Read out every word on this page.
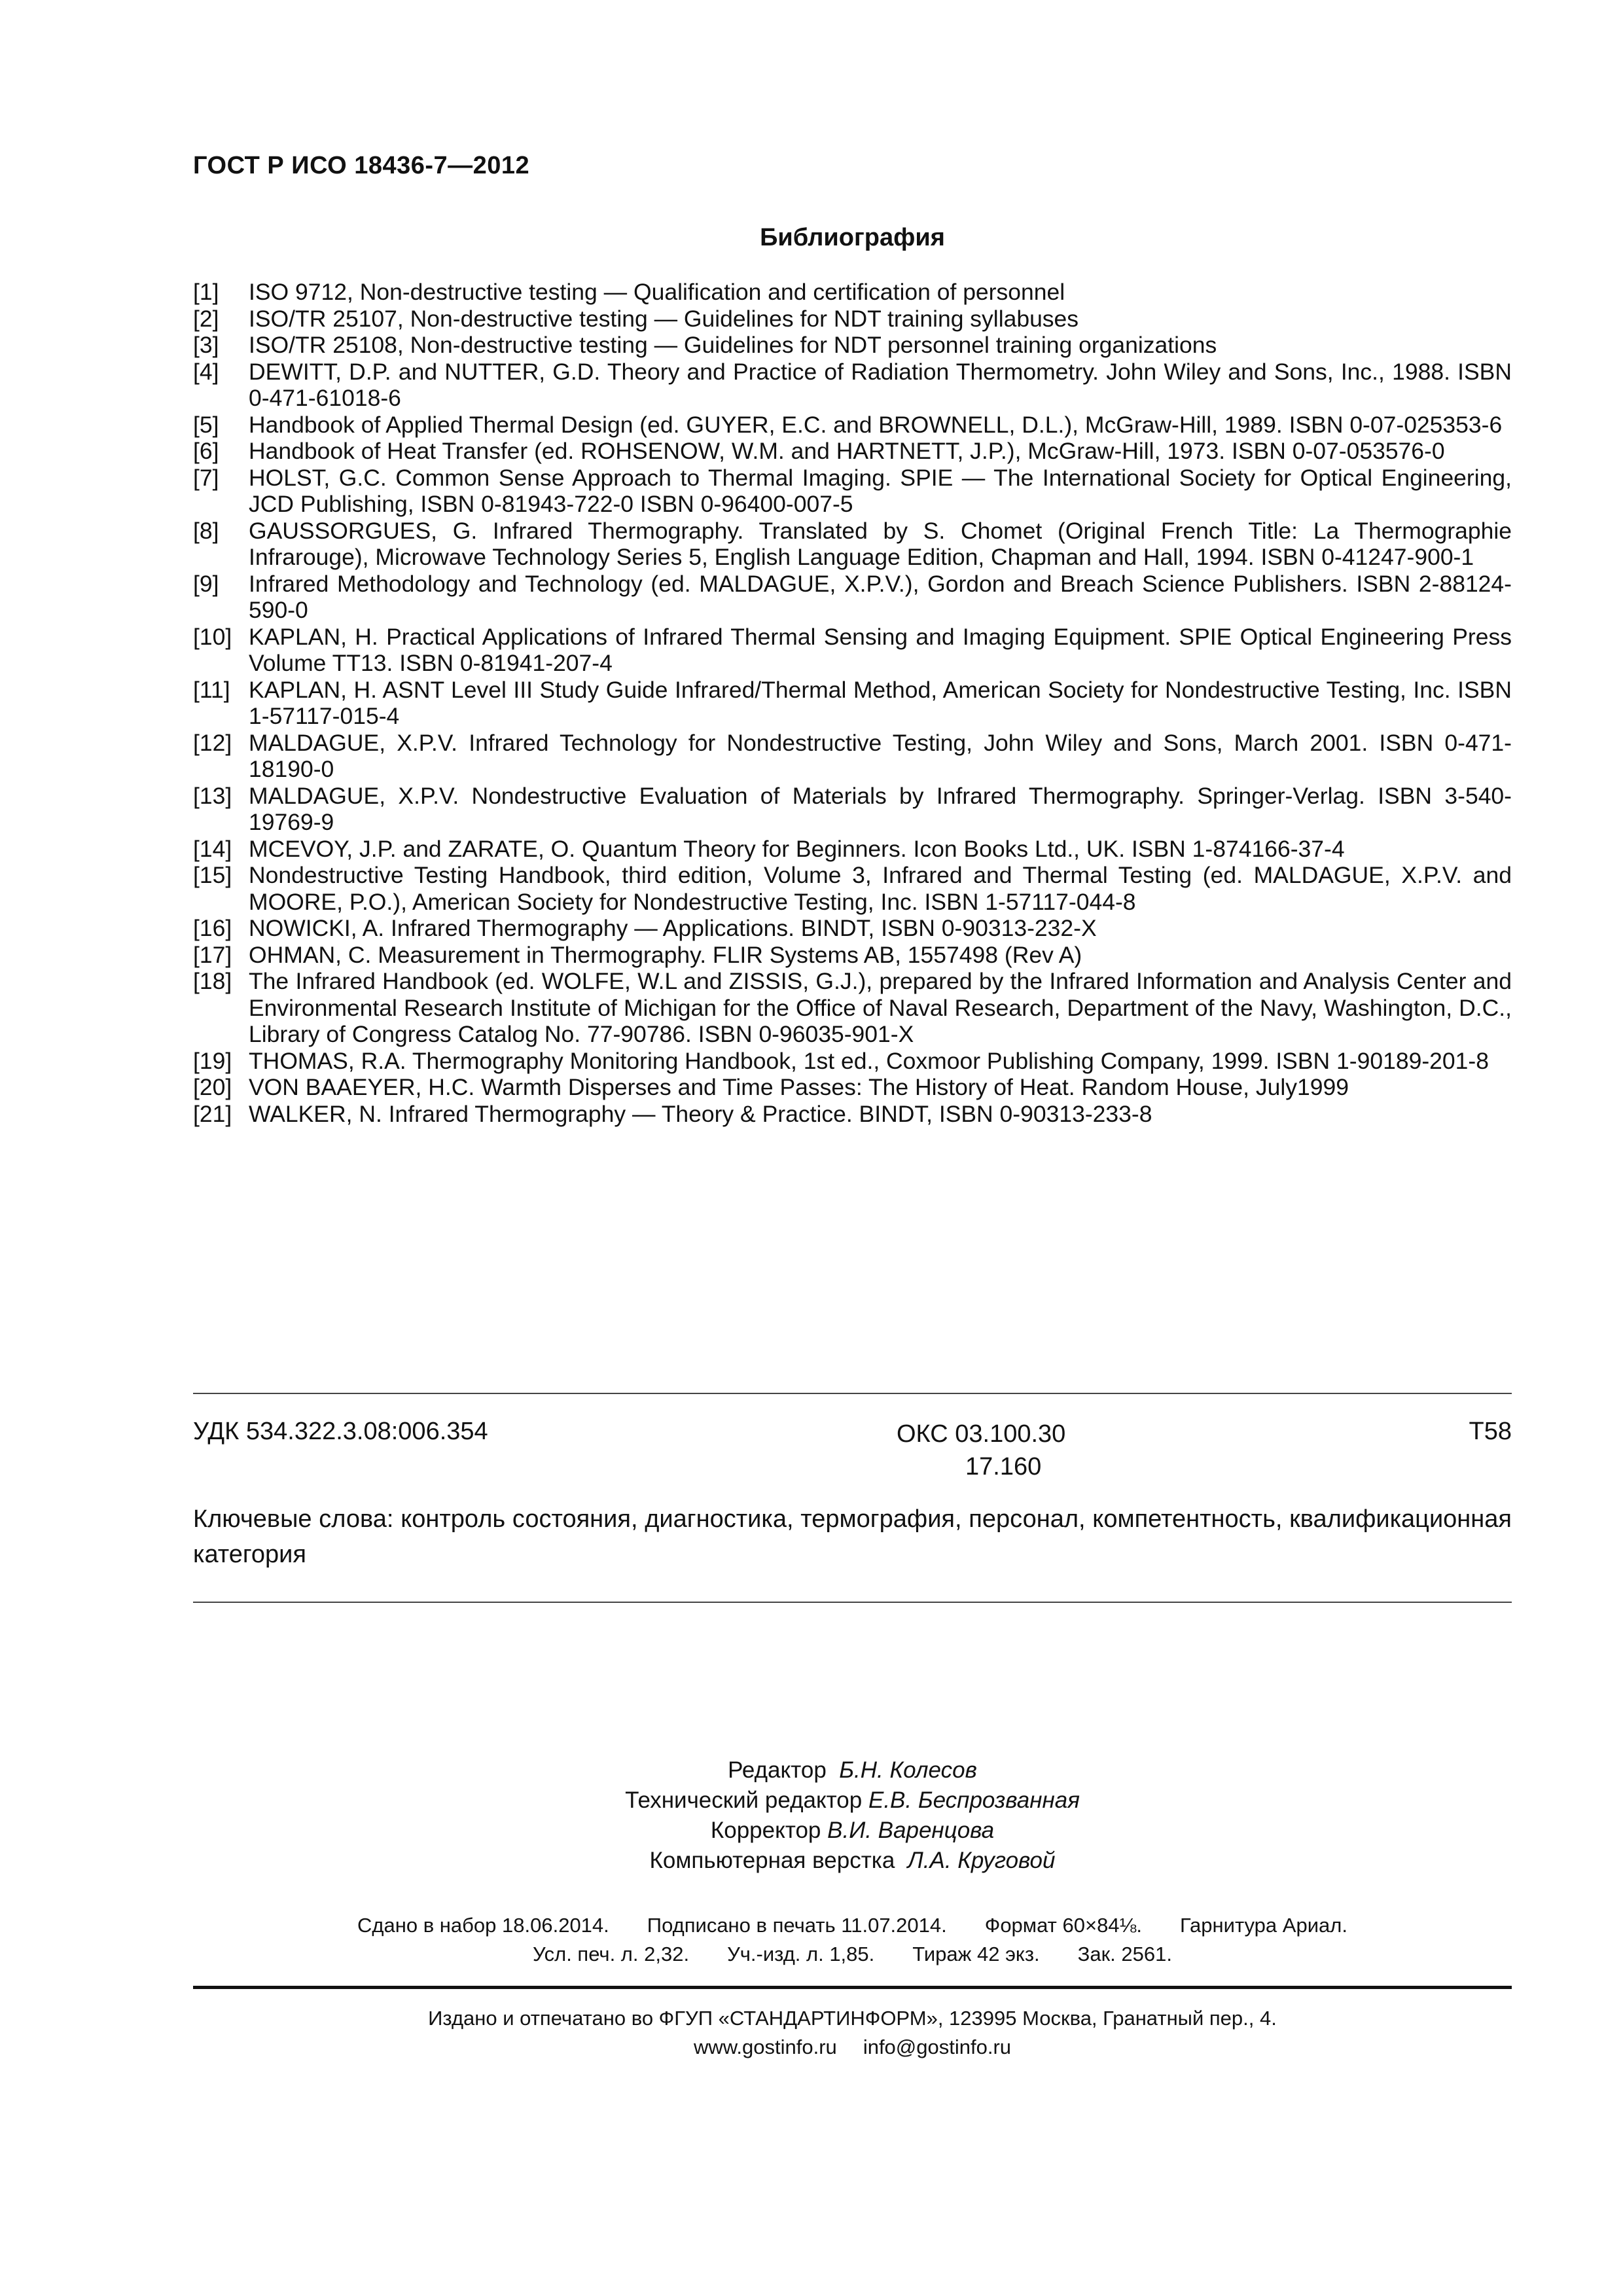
ГОСТ Р ИСО 18436-7—2012
Библиография
[1]	ISO 9712, Non-destructive testing — Qualification and certification of personnel
[2]	ISO/TR 25107, Non-destructive testing — Guidelines for NDT training syllabuses
[3]	ISO/TR 25108, Non-destructive testing — Guidelines for NDT personnel training organizations
[4]	DEWITT, D.P. and NUTTER, G.D. Theory and Practice of Radiation Thermometry. John Wiley and Sons, Inc., 1988. ISBN 0-471-61018-6
[5]	Handbook of Applied Thermal Design (ed. GUYER, E.C. and BROWNELL, D.L.), McGraw-Hill, 1989. ISBN 0-07-025353-6
[6]	Handbook of Heat Transfer (ed. ROHSENOW, W.M. and HARTNETT, J.P.), McGraw-Hill, 1973. ISBN 0-07-053576-0
[7]	HOLST, G.C. Common Sense Approach to Thermal Imaging. SPIE — The International Society for Optical Engineering, JCD Publishing, ISBN 0-81943-722-0 ISBN 0-96400-007-5
[8]	GAUSSORGUES, G. Infrared Thermography. Translated by S. Chomet (Original French Title: La Thermographie Infrarouge), Microwave Technology Series 5, English Language Edition, Chapman and Hall, 1994. ISBN 0-41247-900-1
[9]	Infrared Methodology and Technology (ed. MALDAGUE, X.P.V.), Gordon and Breach Science Publishers. ISBN 2-88124-590-0
[10] KAPLAN, H. Practical Applications of Infrared Thermal Sensing and Imaging Equipment. SPIE Optical Engineering Press Volume TT13. ISBN 0-81941-207-4
[11] KAPLAN, H. ASNT Level III Study Guide Infrared/Thermal Method, American Society for Nondestructive Testing, Inc. ISBN 1-57117-015-4
[12] MALDAGUE, X.P.V. Infrared Technology for Nondestructive Testing, John Wiley and Sons, March 2001. ISBN 0-471-18190-0
[13] MALDAGUE, X.P.V. Nondestructive Evaluation of Materials by Infrared Thermography. Springer-Verlag. ISBN 3-540-19769-9
[14] MCEVOY, J.P. and ZARATE, O. Quantum Theory for Beginners. Icon Books Ltd., UK. ISBN 1-874166-37-4
[15] Nondestructive Testing Handbook, third edition, Volume 3, Infrared and Thermal Testing (ed. MALDAGUE, X.P.V. and MOORE, P.O.), American Society for Nondestructive Testing, Inc. ISBN 1-57117-044-8
[16] NOWICKI, A. Infrared Thermography — Applications. BINDT, ISBN 0-90313-232-X
[17] OHMAN, C. Measurement in Thermography. FLIR Systems AB, 1557498 (Rev A)
[18] The Infrared Handbook (ed. WOLFE, W.L and ZISSIS, G.J.), prepared by the Infrared Information and Analysis Center and Environmental Research Institute of Michigan for the Office of Naval Research, Department of the Navy, Washington, D.C., Library of Congress Catalog No. 77-90786. ISBN 0-96035-901-X
[19] THOMAS, R.A. Thermography Monitoring Handbook, 1st ed., Coxmoor Publishing Company, 1999. ISBN 1-90189-201-8
[20] VON BAAEYER, H.C. Warmth Disperses and Time Passes: The History of Heat. Random House, July1999
[21] WALKER, N. Infrared Thermography — Theory & Practice. BINDT, ISBN 0-90313-233-8
УДК 534.322.3.08:006.354	ОКС 03.100.30
17.160
Т58
Ключевые слова: контроль состояния, диагностика, термография, персонал, компетентность, квалификационная категория
Редактор Б.Н. Колесов
Технический редактор Е.В. Беспрозванная
Корректор В.И. Варенцова
Компьютерная верстка Л.А. Круговой
Сдано в набор 18.06.2014. Подписано в печать 11.07.2014. Формат 60×84⅛. Гарнитура Ариал.
Усл. печ. л. 2,32. Уч.-изд. л. 1,85. Тираж 42 экз. Зак. 2561.
Издано и отпечатано во ФГУП «СТАНДАРТИНФОРМ», 123995 Москва, Гранатный пер., 4.
www.gostinfo.ru info@gostinfo.ru
